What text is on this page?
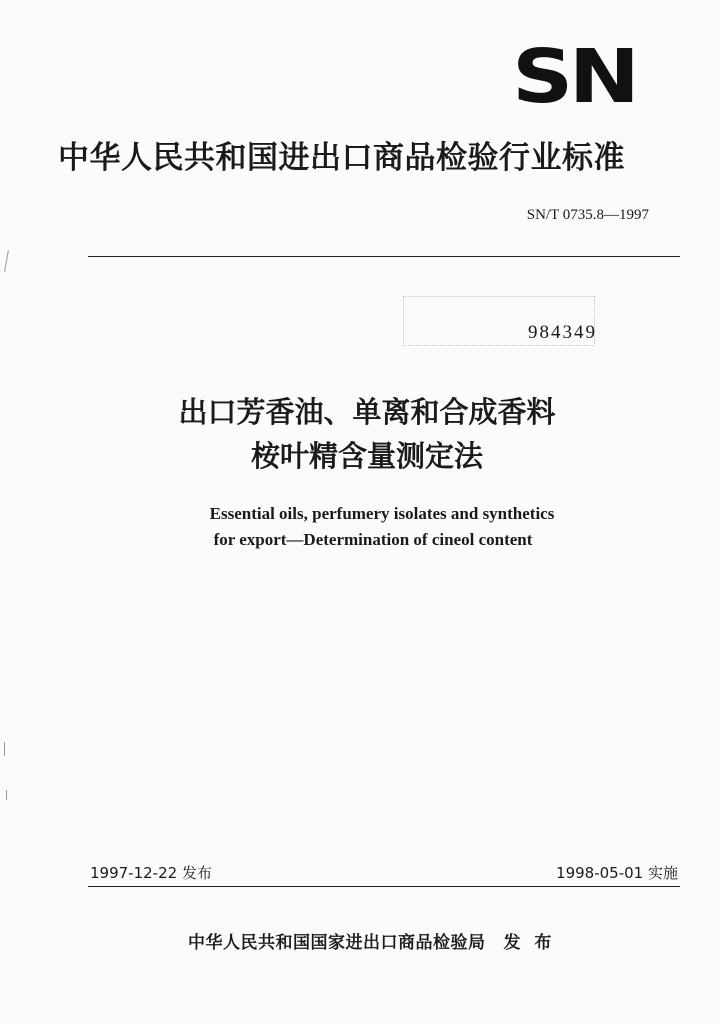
SN
中华人民共和国进出口商品检验行业标准
SN/T 0735.8—1997
984349
出口芳香油、单离和合成香料
桉叶精含量测定法
Essential oils, perfumery isolates and synthetics
for export—Determination of cineol content
1997-12-22 发布	1998-05-01 实施
中华人民共和国国家进出口商品检验局 发 布
